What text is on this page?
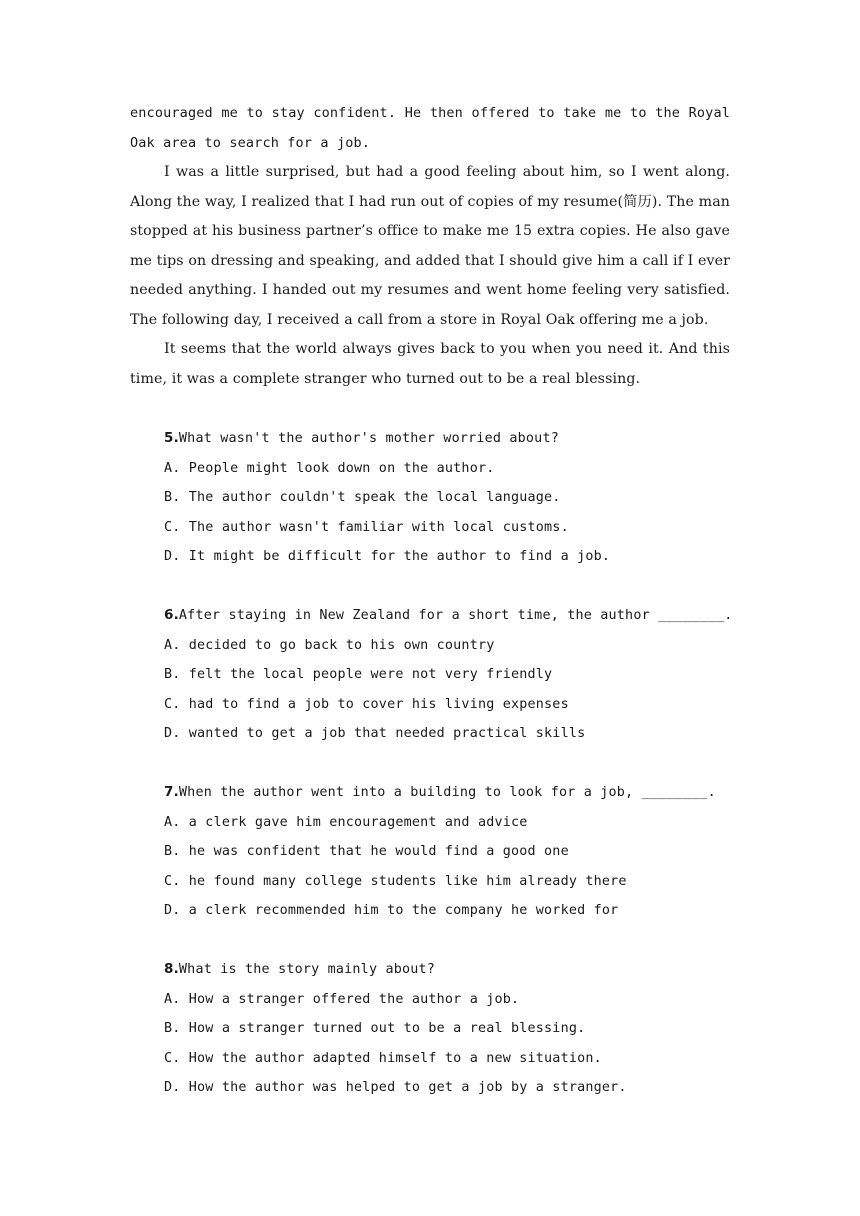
encouraged me to stay confident. He then offered to take me to the Royal Oak area to search for a job.

I was a little surprised, but had a good feeling about him, so I went along. Along the way, I realized that I had run out of copies of my resume(简历). The man stopped at his business partner’s office to make me 15 extra copies. He also gave me tips on dressing and speaking, and added that I should give him a call if I ever needed anything. I handed out my resumes and went home feeling very satisfied. The following day, I received a call from a store in Royal Oak offering me a job.

It seems that the world always gives back to you when you need it. And this time, it was a complete stranger who turned out to be a real blessing.

5.What wasn't the author's mother worried about?
A. People might look down on the author.
B. The author couldn't speak the local language.
C. The author wasn't familiar with local customs.
D. It might be difficult for the author to find a job.
6.After staying in New Zealand for a short time, the author ________.
A. decided to go back to his own country
B. felt the local people were not very friendly
C. had to find a job to cover his living expenses
D. wanted to get a job that needed practical skills
7.When the author went into a building to look for a job, ________.
A. a clerk gave him encouragement and advice
B. he was confident that he would find a good one
C. he found many college students like him already there
D. a clerk recommended him to the company he worked for
8.What is the story mainly about?
A. How a stranger offered the author a job.
B. How a stranger turned out to be a real blessing.
C. How the author adapted himself to a new situation.
D. How the author was helped to get a job by a stranger.
